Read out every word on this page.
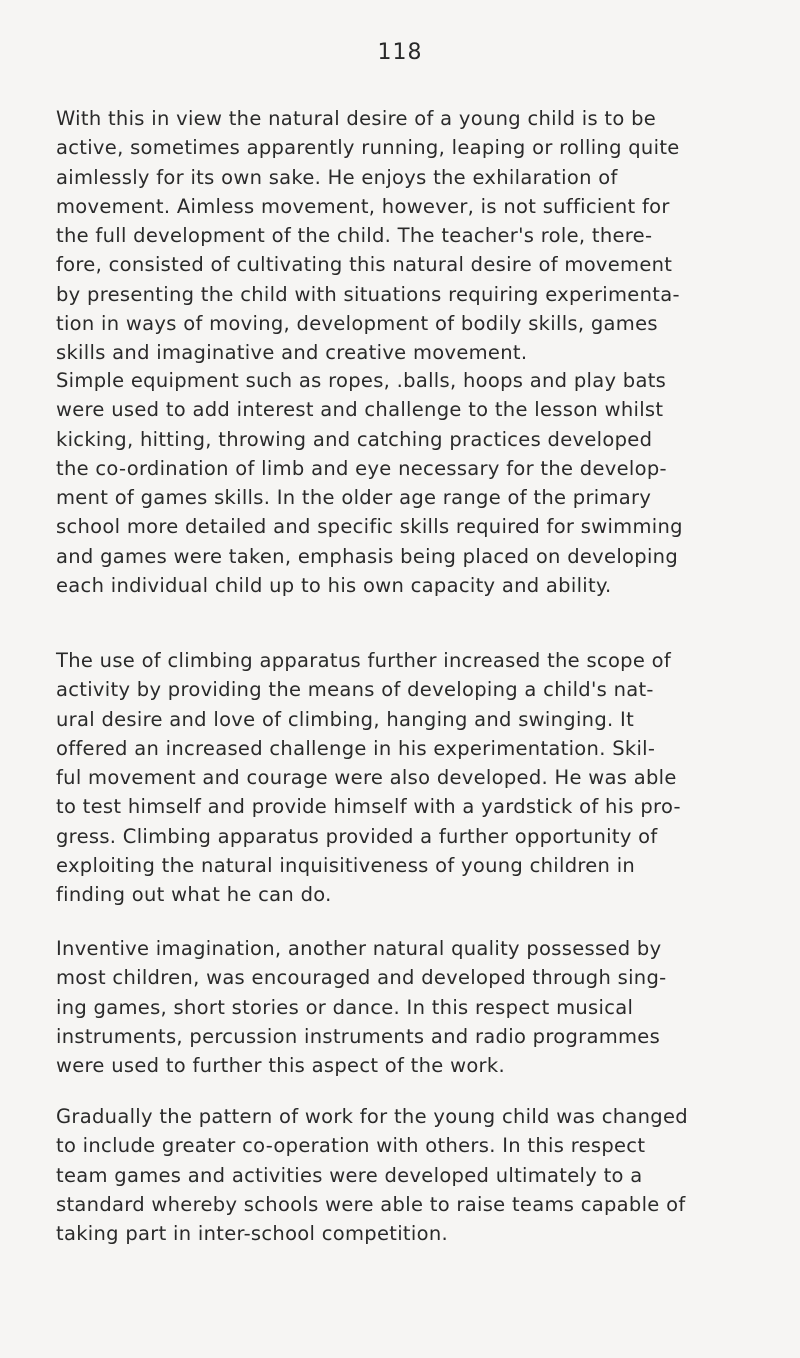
118
With this in view the natural desire of a young child is to be
active, sometimes apparently running, leaping or rolling quite
aimlessly for its own sake. He enjoys the exhilaration of
movement. Aimless movement, however, is not sufficient for
the full development of the child. The teacher's role, there-
fore, consisted of cultivating this natural desire of movement
by presenting the child with situations requiring experimenta-
tion in ways of moving, development of bodily skills, games
skills and imaginative and creative movement.
Simple equipment such as ropes, .balls, hoops and play bats
were used to add interest and challenge to the lesson whilst
kicking, hitting, throwing and catching practices developed
the co-ordination of limb and eye necessary for the develop-
ment of games skills. In the older age range of the primary
school more detailed and specific skills required for swimming
and games were taken, emphasis being placed on developing
each individual child up to his own capacity and ability.
The use of climbing apparatus further increased the scope of
activity by providing the means of developing a child's nat-
ural desire and love of climbing, hanging and swinging. It
offered an increased challenge in his experimentation. Skil-
ful movement and courage were also developed. He was able
to test himself and provide himself with a yardstick of his pro-
gress. Climbing apparatus provided a further opportunity of
exploiting the natural inquisitiveness of young children in
finding out what he can do.
Inventive imagination, another natural quality possessed by
most children, was encouraged and developed through sing-
ing games, short stories or dance. In this respect musical
instruments, percussion instruments and radio programmes
were used to further this aspect of the work.
Gradually the pattern of work for the young child was changed
to include greater co-operation with others. In this respect
team games and activities were developed ultimately to a
standard whereby schools were able to raise teams capable of
taking part in inter-school competition.
